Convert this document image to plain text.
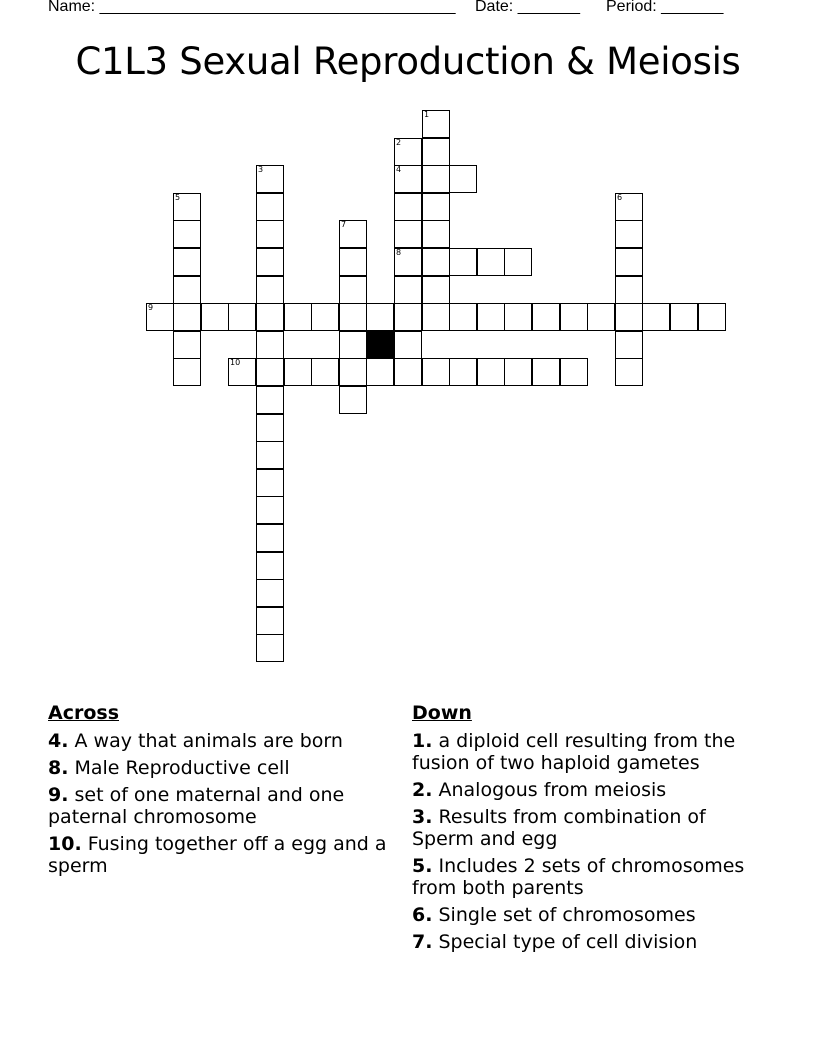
Name: ________________________________________ Date: _______ Period: _______
C1L3 Sexual Reproduction & Meiosis
1
2
4
8
3
5	6
7
9
10
Across
4. A way that animals are born
8. Male Reproductive cell
9. set of one maternal and one paternal chromosome
10. Fusing together off a egg and a sperm
Down
1. a diploid cell resulting from the fusion of two haploid gametes
2. Analogous from meiosis
3. Results from combination of Sperm and egg
5. Includes 2 sets of chromosomes from both parents
6. Single set of chromosomes
7. Special type of cell division
